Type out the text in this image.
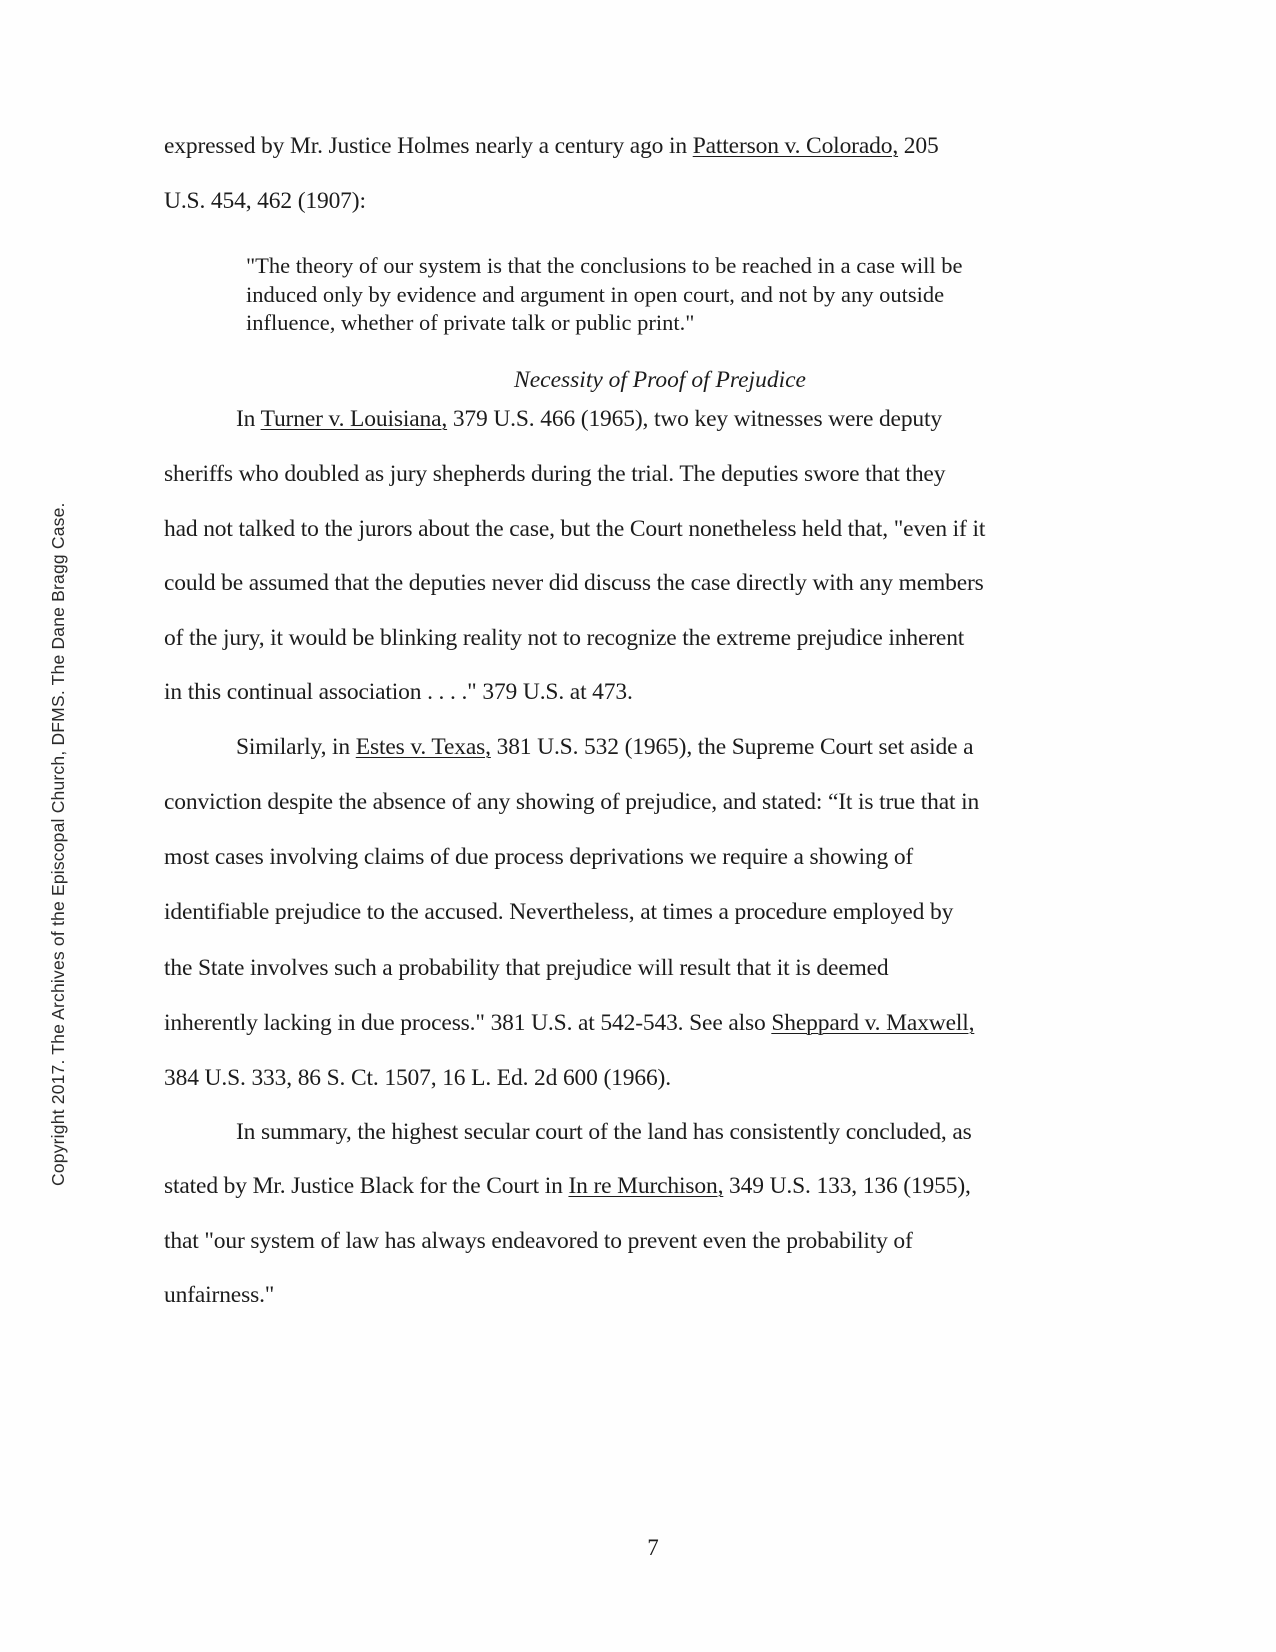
Copyright 2017. The Archives of the Episcopal Church, DFMS. The Dane Bragg Case.
expressed by Mr. Justice Holmes nearly a century ago in Patterson v. Colorado, 205
U.S. 454, 462 (1907):
"The theory of our system is that the conclusions to be reached in a case will be
induced only by evidence and argument in open court, and not by any outside
influence, whether of private talk or public print."
Necessity of Proof of Prejudice
In Turner v. Louisiana, 379 U.S. 466 (1965), two key witnesses were deputy
sheriffs who doubled as jury shepherds during the trial. The deputies swore that they
had not talked to the jurors about the case, but the Court nonetheless held that, "even if it
could be assumed that the deputies never did discuss the case directly with any members
of the jury, it would be blinking reality not to recognize the extreme prejudice inherent
in this continual association . . . ." 379 U.S. at 473.
Similarly, in Estes v. Texas, 381 U.S. 532 (1965), the Supreme Court set aside a
conviction despite the absence of any showing of prejudice, and stated: “It is true that in
most cases involving claims of due process deprivations we require a showing of
identifiable prejudice to the accused. Nevertheless, at times a procedure employed by
the State involves such a probability that prejudice will result that it is deemed
inherently lacking in due process." 381 U.S. at 542-543. See also Sheppard v. Maxwell,
384 U.S. 333, 86 S. Ct. 1507, 16 L. Ed. 2d 600 (1966).
In summary, the highest secular court of the land has consistently concluded, as
stated by Mr. Justice Black for the Court in In re Murchison, 349 U.S. 133, 136 (1955),
that "our system of law has always endeavored to prevent even the probability of
unfairness."
7
